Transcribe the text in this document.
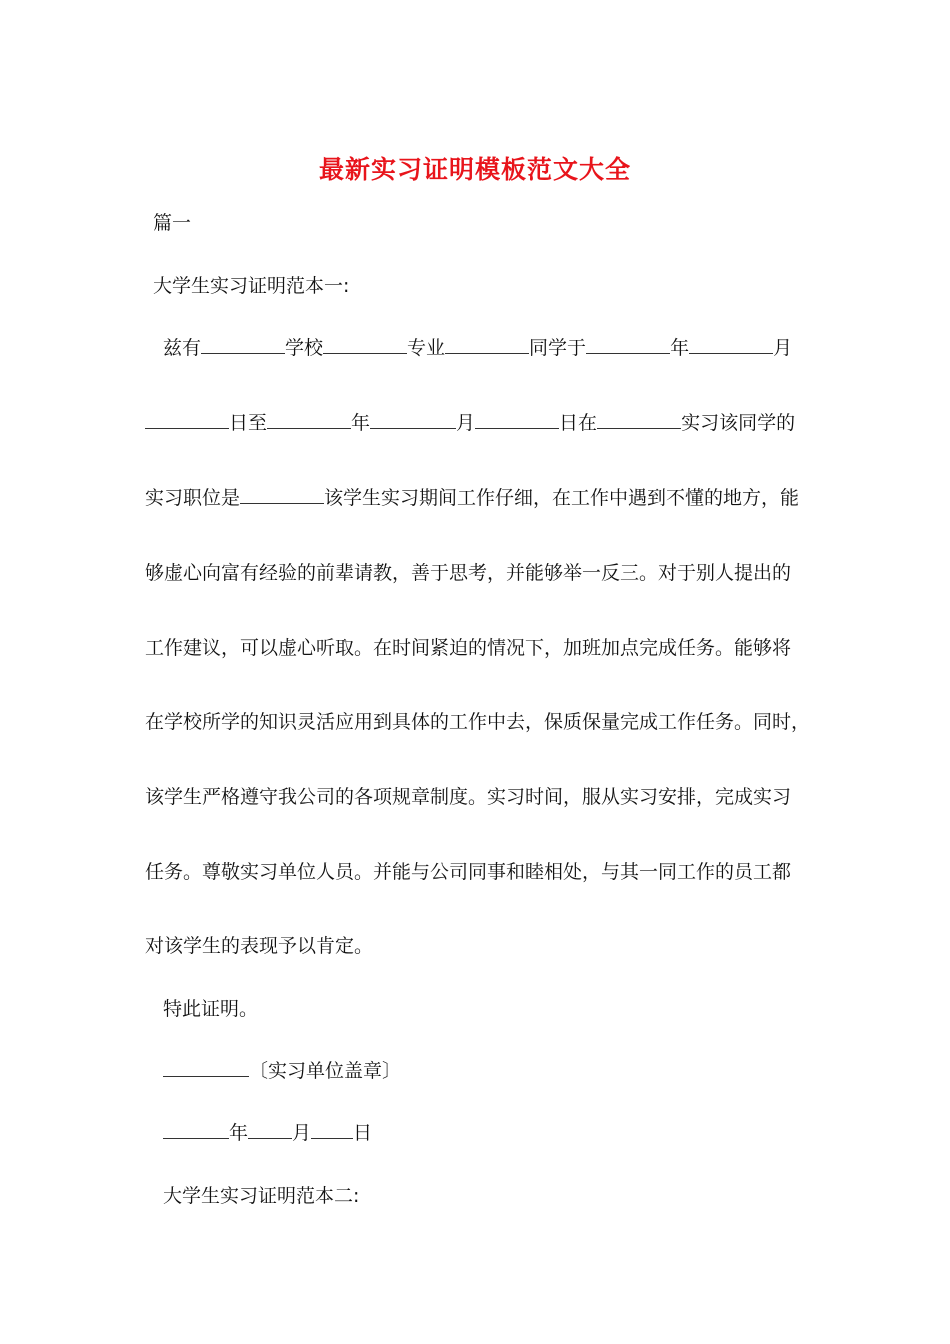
最新实习证明模板范文大全
篇一
大学生实习证明范本一:
兹有	学校	专业	同学于	年	月
日至	年	月	日在	实习该同学的
实习职位是	该学生实习期间工作仔细，在工作中遇到不懂的地方，能
够虚心向富有经验的前辈请教，善于思考，并能够举一反三。对于别人提出的
工作建议，可以虚心听取。在时间紧迫的情况下，加班加点完成任务。能够将
在学校所学的知识灵活应用到具体的工作中去，保质保量完成工作任务。同时，
该学生严格遵守我公司的各项规章制度。实习时间，服从实习安排，完成实习
任务。尊敬实习单位人员。并能与公司同事和睦相处，与其一同工作的员工都
对该学生的表现予以肯定。
特此证明。
〔实习单位盖章〕
年 月 日
大学生实习证明范本二:
